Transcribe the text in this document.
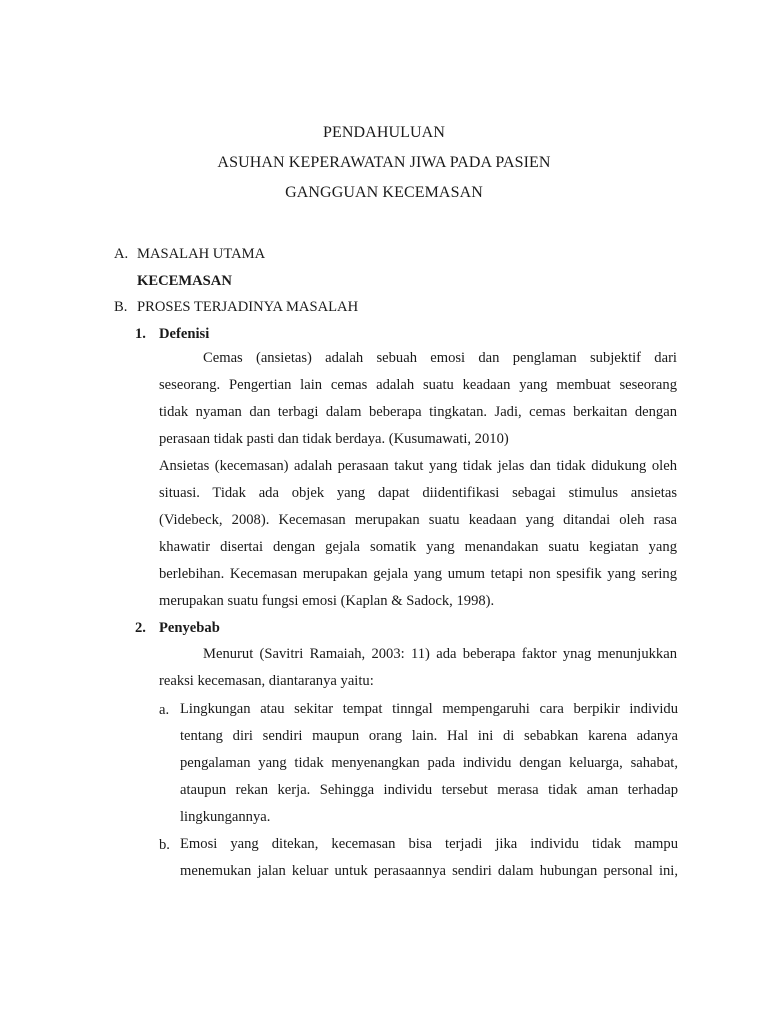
PENDAHULUAN
ASUHAN KEPERAWATAN JIWA PADA PASIEN
GANGGUAN KECEMASAN
A. MASALAH UTAMA
KECEMASAN
B. PROSES TERJADINYA MASALAH
1. Defenisi
Cemas (ansietas) adalah sebuah emosi dan penglaman subjektif dari
seseorang. Pengertian lain cemas adalah suatu keadaan yang membuat seseorang
tidak nyaman dan terbagi dalam beberapa tingkatan. Jadi, cemas berkaitan dengan
perasaan tidak pasti dan tidak berdaya. (Kusumawati, 2010)
Ansietas (kecemasan) adalah perasaan takut yang tidak jelas dan tidak didukung oleh
situasi. Tidak ada objek yang dapat diidentifikasi sebagai stimulus ansietas
(Videbeck, 2008). Kecemasan merupakan suatu keadaan yang ditandai oleh rasa
khawatir disertai dengan gejala somatik yang menandakan suatu kegiatan yang
berlebihan. Kecemasan merupakan gejala yang umum tetapi non spesifik yang sering
merupakan suatu fungsi emosi (Kaplan & Sadock, 1998).
2. Penyebab
Menurut (Savitri Ramaiah, 2003: 11) ada beberapa faktor ynag menunjukkan
reaksi kecemasan, diantaranya yaitu:
a. Lingkungan atau sekitar tempat tinngal mempengaruhi cara berpikir individu
tentang diri sendiri maupun orang lain. Hal ini di sebabkan karena adanya
pengalaman yang tidak menyenangkan pada individu dengan keluarga, sahabat,
ataupun rekan kerja. Sehingga individu tersebut merasa tidak aman terhadap
lingkungannya.
b. Emosi yang ditekan, kecemasan bisa terjadi jika individu tidak mampu
menemukan jalan keluar untuk perasaannya sendiri dalam hubungan personal ini,
